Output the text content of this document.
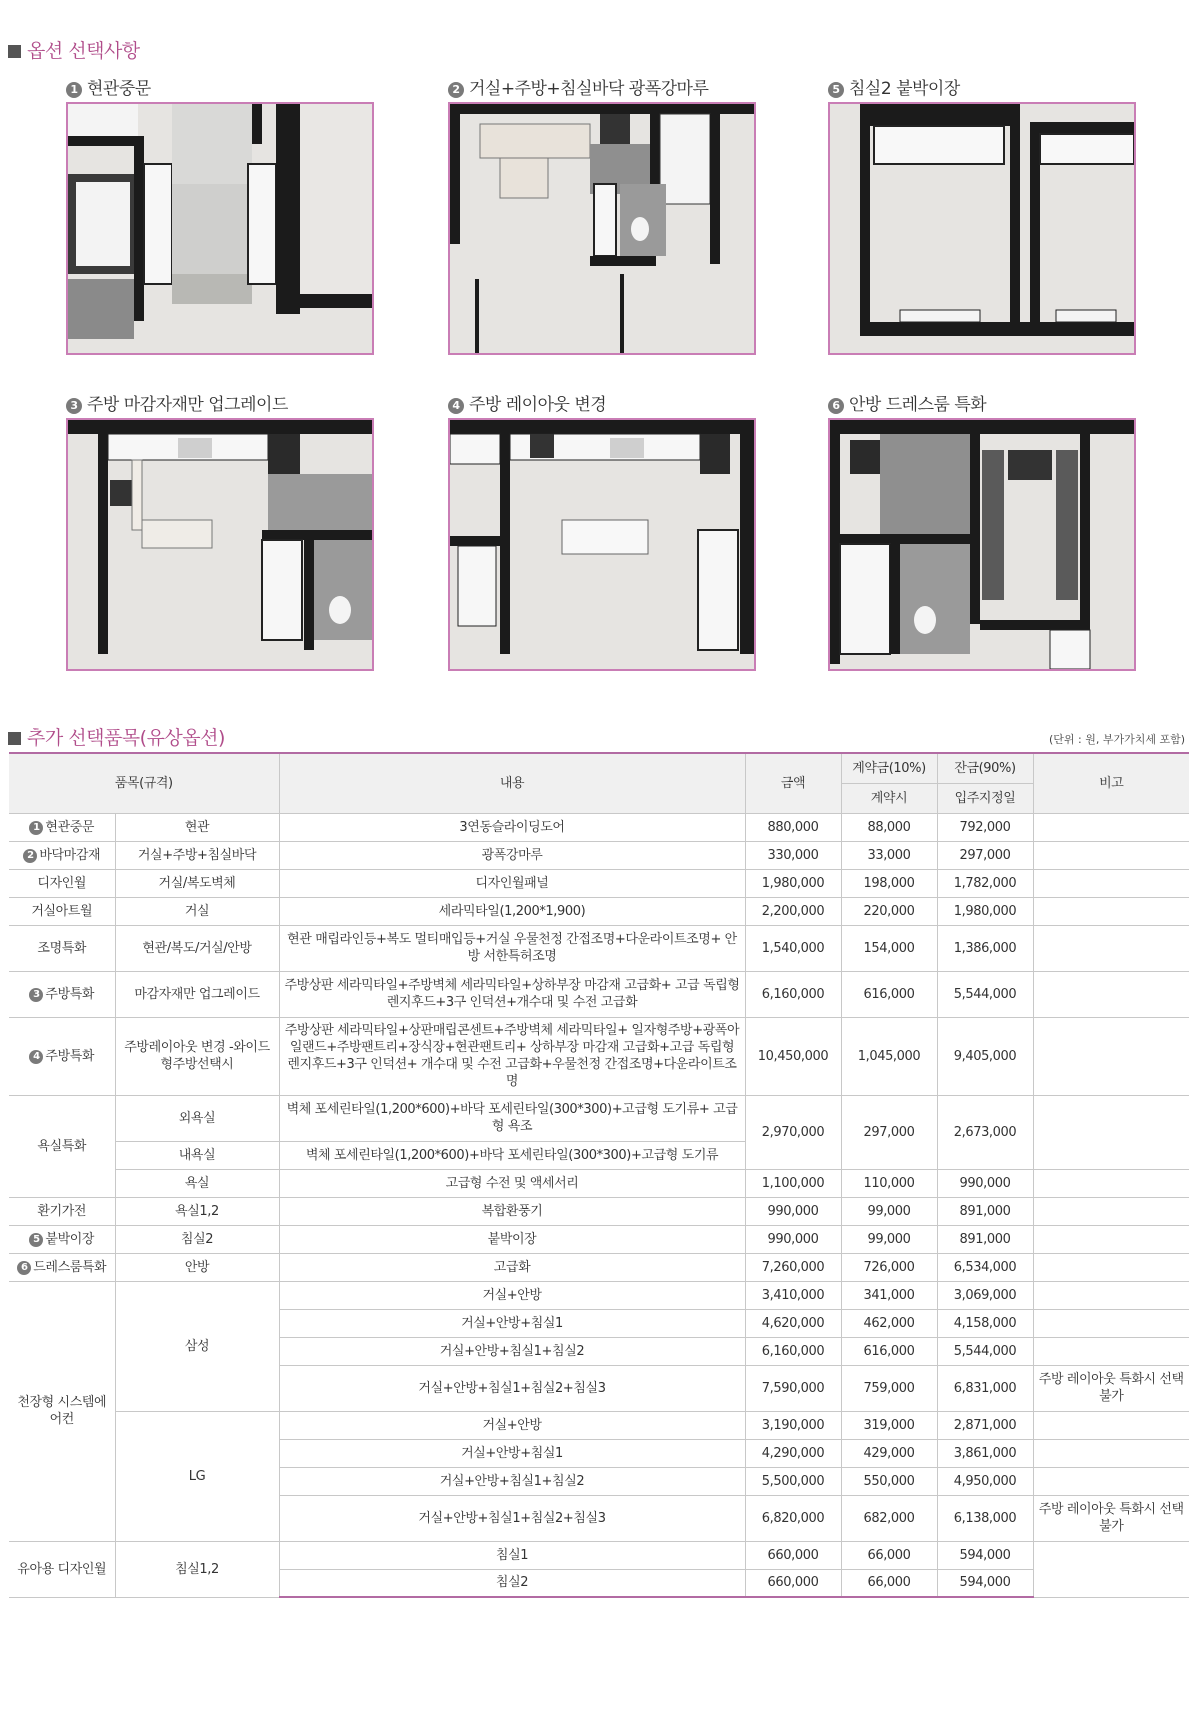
옵션 선택사항
1 현관중문	2 거실+주방+침실바닥 광폭강마루	5 침실2 붙박이장
3 주방 마감자재만 업그레이드	4 주방 레이아웃 변경	6 안방 드레스룸 특화
추가 선택품목(유상옵션)	(단위 : 원, 부가가치세 포함)
품목(규격)		내용	금액	계약금(10%)	잔금(90%)	비고
				계약시	입주지정일	
1 현관중문	현관	3연동슬라이딩도어	880,000	88,000	792,000	
2 바닥마감재	거실+주방+침실바닥	광폭강마루	330,000	33,000	297,000	
디자인월	거실/복도벽체	디자인월패널	1,980,000	198,000	1,782,000	
거실아트월	거실	세라믹타일(1,200*1,900)	2,200,000	220,000	1,980,000	
조명특화	현관/복도/거실/안방	현관 매립라인등+복도 멀티매입등+거실 우물천정 간접조명+다운라이트조명+ 안방 서한특허조명	1,540,000	154,000	1,386,000	
3 주방특화	마감자재만 업그레이드	주방상판 세라믹타일+주방벽체 세라믹타일+상하부장 마감재 고급화+ 고급 독립형 렌지후드+3구 인덕션+개수대 및 수전 고급화	6,160,000	616,000	5,544,000	
4 주방특화	주방레이아웃 변경 -와이드형주방선택시	주방상판 세라믹타일+상판매립콘센트+주방벽체 세라믹타일+ 일자형주방+광폭아일랜드+주방팬트리+장식장+현관팬트리+ 상하부장 마감재 고급화+고급 독립형 렌지후드+3구 인덕션+ 개수대 및 수전 고급화+우물천정 간접조명+다운라이트조명	10,450,000	1,045,000	9,405,000	
욕실특화	외욕실	벽체 포세린타일(1,200*600)+바닥 포세린타일(300*300)+고급형 도기류+ 고급형 욕조	2,970,000	297,000	2,673,000	
	내욕실	벽체 포세린타일(1,200*600)+바닥 포세린타일(300*300)+고급형 도기류				
	욕실	고급형 수전 및 액세서리	1,100,000	110,000	990,000	
환기가전	욕실1,2	복합환풍기	990,000	99,000	891,000	
5 붙박이장	침실2	붙박이장	990,000	99,000	891,000	
6 드레스룸특화	안방	고급화	7,260,000	726,000	6,534,000	
천장형 시스템에어컨	삼성	거실+안방	3,410,000	341,000	3,069,000	
		거실+안방+침실1	4,620,000	462,000	4,158,000	
		거실+안방+침실1+침실2	6,160,000	616,000	5,544,000	
		거실+안방+침실1+침실2+침실3	7,590,000	759,000	6,831,000	주방 레이아웃 특화시 선택 불가
	LG	거실+안방	3,190,000	319,000	2,871,000	
		거실+안방+침실1	4,290,000	429,000	3,861,000	
		거실+안방+침실1+침실2	5,500,000	550,000	4,950,000	
		거실+안방+침실1+침실2+침실3	6,820,000	682,000	6,138,000	주방 레이아웃 특화시 선택 불가
유아용 디자인월	침실1,2	침실1	660,000	66,000	594,000	
		침실2	660,000	66,000	594,000	
